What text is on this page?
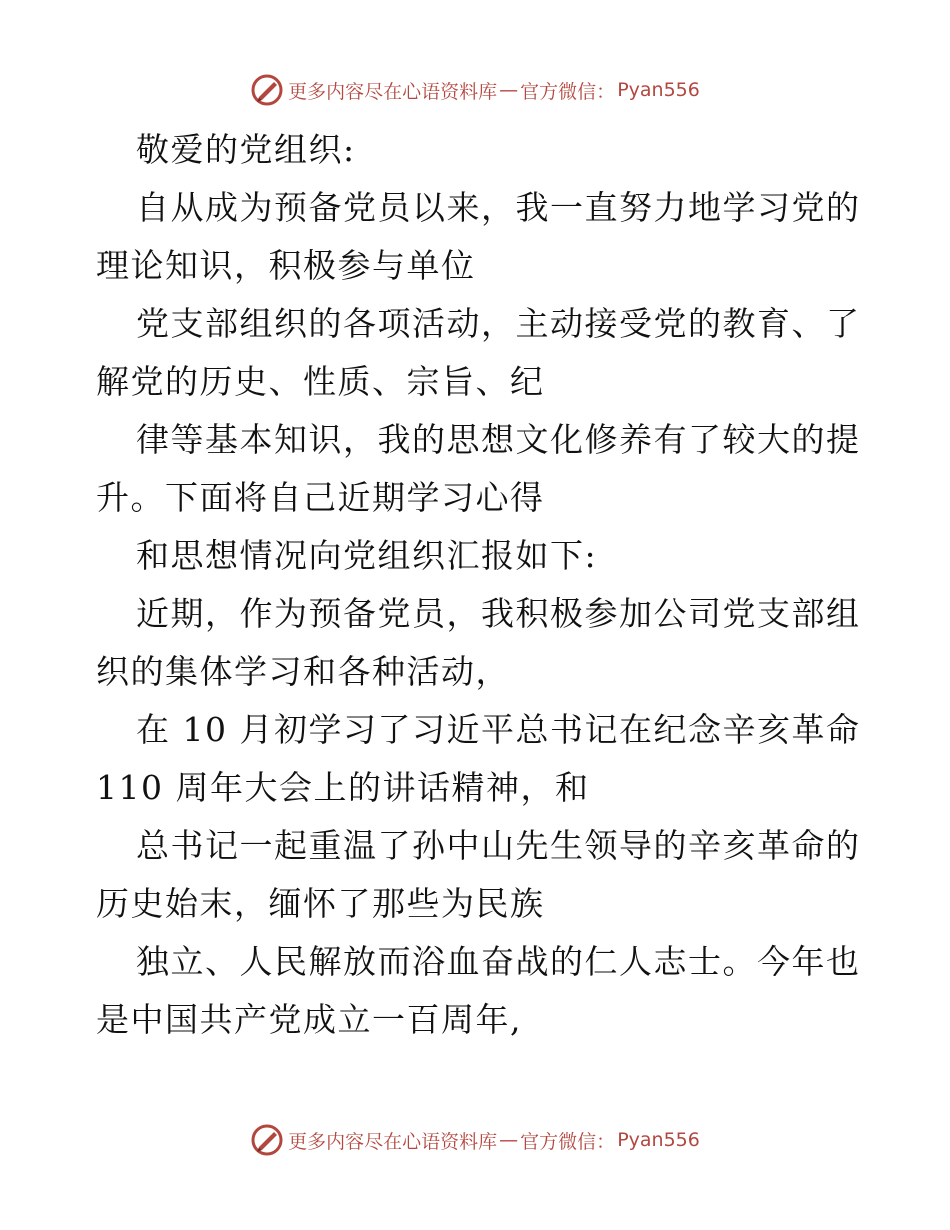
更多内容尽在心语资料库 — 官方微信： Pyan556
敬爱的党组织:
自从成为预备党员以来，我一直努力地学习党的
理论知识，积极参与单位
党支部组织的各项活动，主动接受党的教育、了
解党的历史、性质、宗旨、纪
律等基本知识，我的思想文化修养有了较大的提
升。下面将自己近期学习心得
和思想情况向党组织汇报如下:
近期，作为预备党员，我积极参加公司党支部组
织的集体学习和各种活动，
在 10 月初学习了习近平总书记在纪念辛亥革命
110 周年大会上的讲话精神，和
总书记一起重温了孙中山先生领导的辛亥革命的
历史始末，缅怀了那些为民族
独立、人民解放而浴血奋战的仁人志士。今年也
是中国共产党成立一百周年,
更多内容尽在心语资料库 — 官方微信： Pyan556
